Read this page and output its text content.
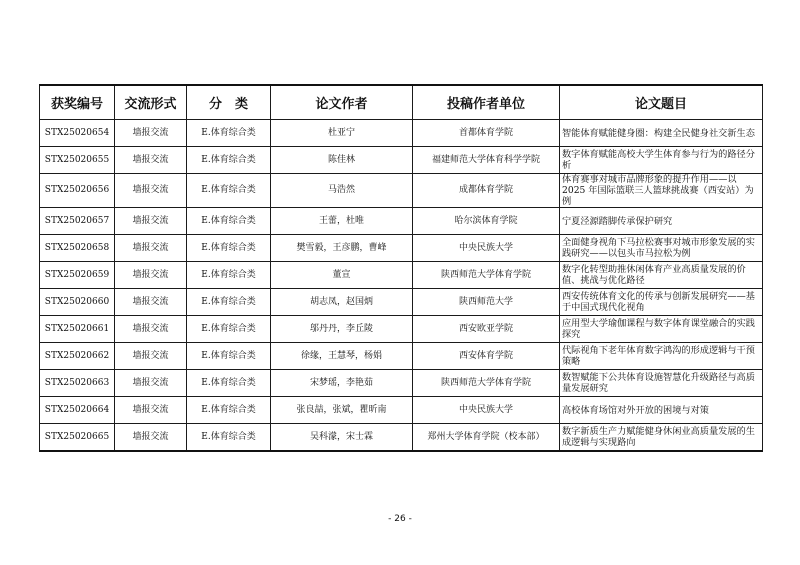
获奖编号	交流形式	分　类	论文作者	投稿作者单位	论文题目
STX25020654	墙报交流	E.体育综合类	杜亚宁	首都体育学院	智能体育赋能健身圈：构建全民健身社交新生态
STX25020655	墙报交流	E.体育综合类	陈佳林	福建师范大学体育科学学院	数字体育赋能高校大学生体育参与行为的路径分析
STX25020656	墙报交流	E.体育综合类	马浩然	成都体育学院	体育赛事对城市品牌形象的提升作用——以 2025 年国际篮联三人篮球挑战赛（西安站）为例
STX25020657	墙报交流	E.体育综合类	王蕾，杜唯	哈尔滨体育学院	宁夏泾源踏脚传承保护研究
STX25020658	墙报交流	E.体育综合类	樊雪毅，王彦鹏，曹峰	中央民族大学	全面健身视角下马拉松赛事对城市形象发展的实践研究——以包头市马拉松为例
STX25020659	墙报交流	E.体育综合类	董宣	陕西师范大学体育学院	数字化转型助推休闲体育产业高质量发展的价值、挑战与优化路径
STX25020660	墙报交流	E.体育综合类	胡志凤，赵国炳	陕西师范大学	西安传统体育文化的传承与创新发展研究——基于中国式现代化视角
STX25020661	墙报交流	E.体育综合类	邬丹丹，李丘陵	西安欧亚学院	应用型大学瑜伽课程与数字体育课堂融合的实践探究
STX25020662	墙报交流	E.体育综合类	徐缘，王慧琴，杨娟	西安体育学院	代际视角下老年体育数字鸿沟的形成逻辑与干预策略
STX25020663	墙报交流	E.体育综合类	宋梦瑶，李艳茹	陕西师范大学体育学院	数智赋能下公共体育设施智慧化升级路径与高质量发展研究
STX25020664	墙报交流	E.体育综合类	张良喆，张斌，瞿昕南	中央民族大学	高校体育场馆对外开放的困境与对策
STX25020665	墙报交流	E.体育综合类	吴科濛，宋士霖	郑州大学体育学院（校本部）	数字新质生产力赋能健身休闲业高质量发展的生成逻辑与实现路向
- 26 -
